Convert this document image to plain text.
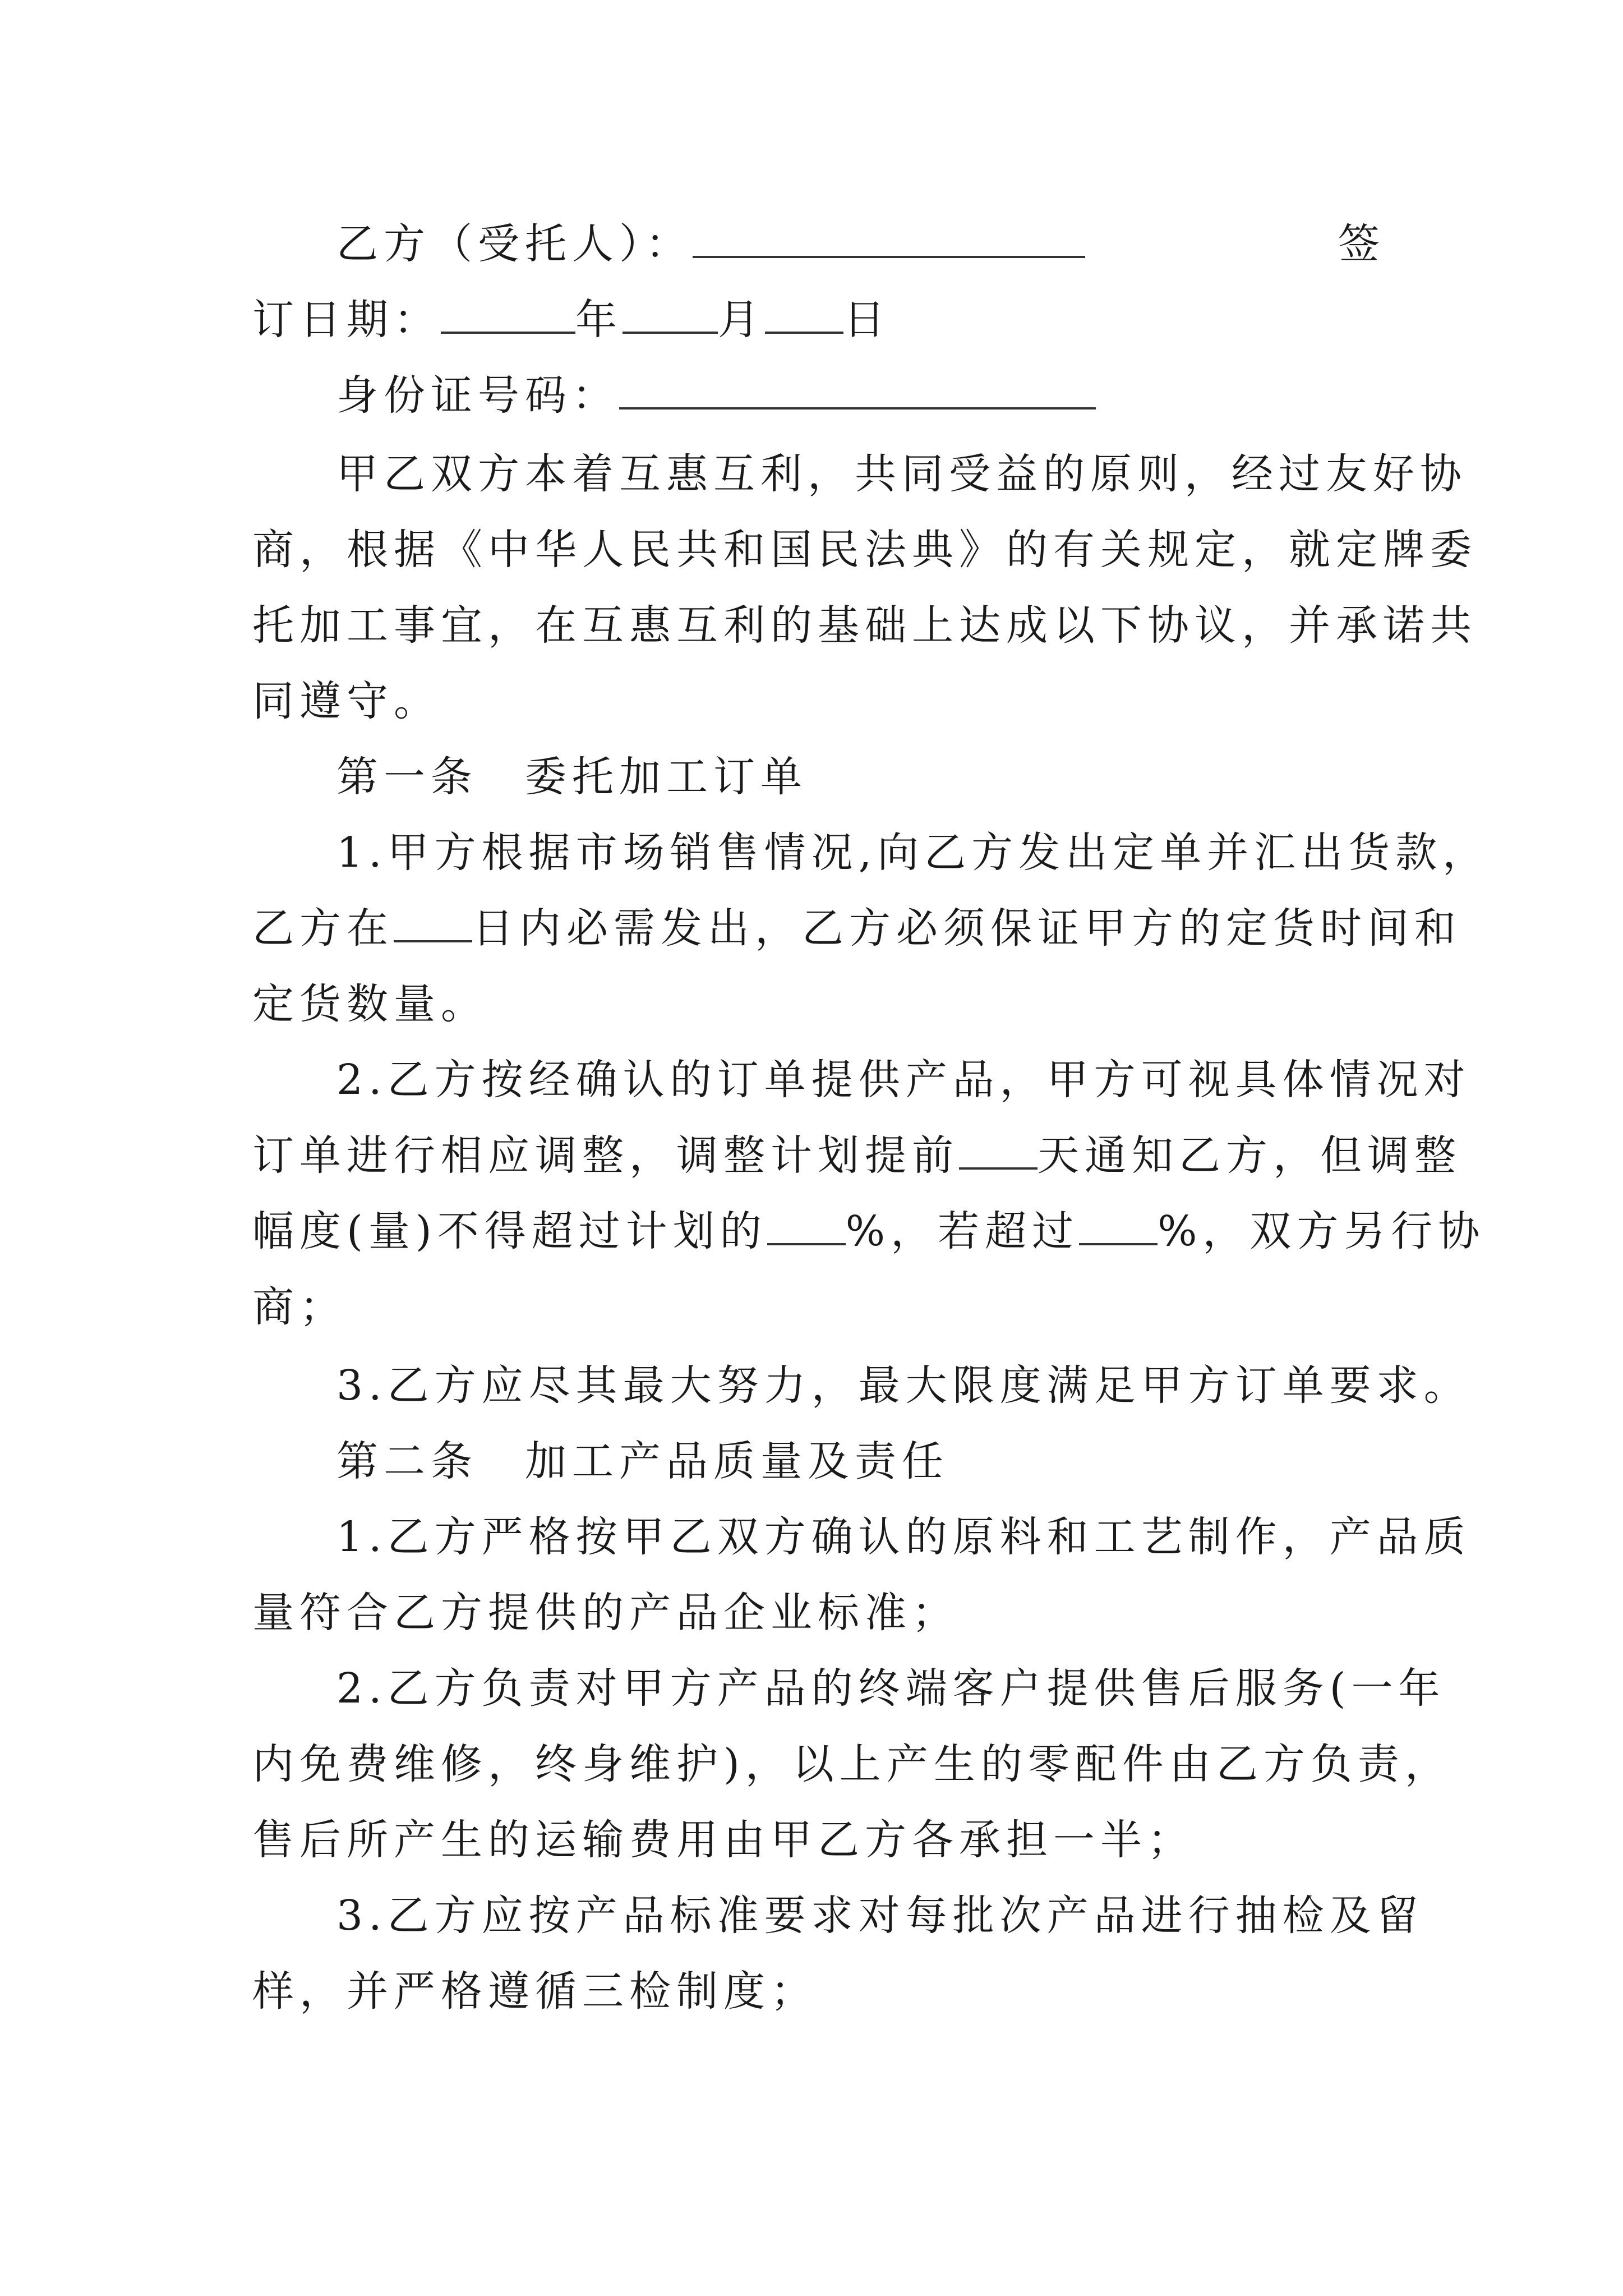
乙方（受托人）：	签
订日期：	年 月 日
身份证号码：
甲乙双方本着互惠互利，共同受益的原则，经过友好协
商，根据《中华人民共和国民法典》的有关规定，就定牌委
托加工事宜，在互惠互利的基础上达成以下协议，并承诺共
同遵守。
第一条　委托加工订单
1.甲方根据市场销售情况,向乙方发出定单并汇出货款，
乙方在 日内必需发出，乙方必须保证甲方的定货时间和
定货数量。
2.乙方按经确认的订单提供产品，甲方可视具体情况对
订单进行相应调整，调整计划提前 天通知乙方，但调整
幅度(量)不得超过计划的 %，若超过 %，双方另行协
商；
3.乙方应尽其最大努力，最大限度满足甲方订单要求。
第二条　加工产品质量及责任
1.乙方严格按甲乙双方确认的原料和工艺制作，产品质
量符合乙方提供的产品企业标准；
2.乙方负责对甲方产品的终端客户提供售后服务(一年
内免费维修，终身维护)，以上产生的零配件由乙方负责，
售后所产生的运输费用由甲乙方各承担一半；
3.乙方应按产品标准要求对每批次产品进行抽检及留
样，并严格遵循三检制度；
